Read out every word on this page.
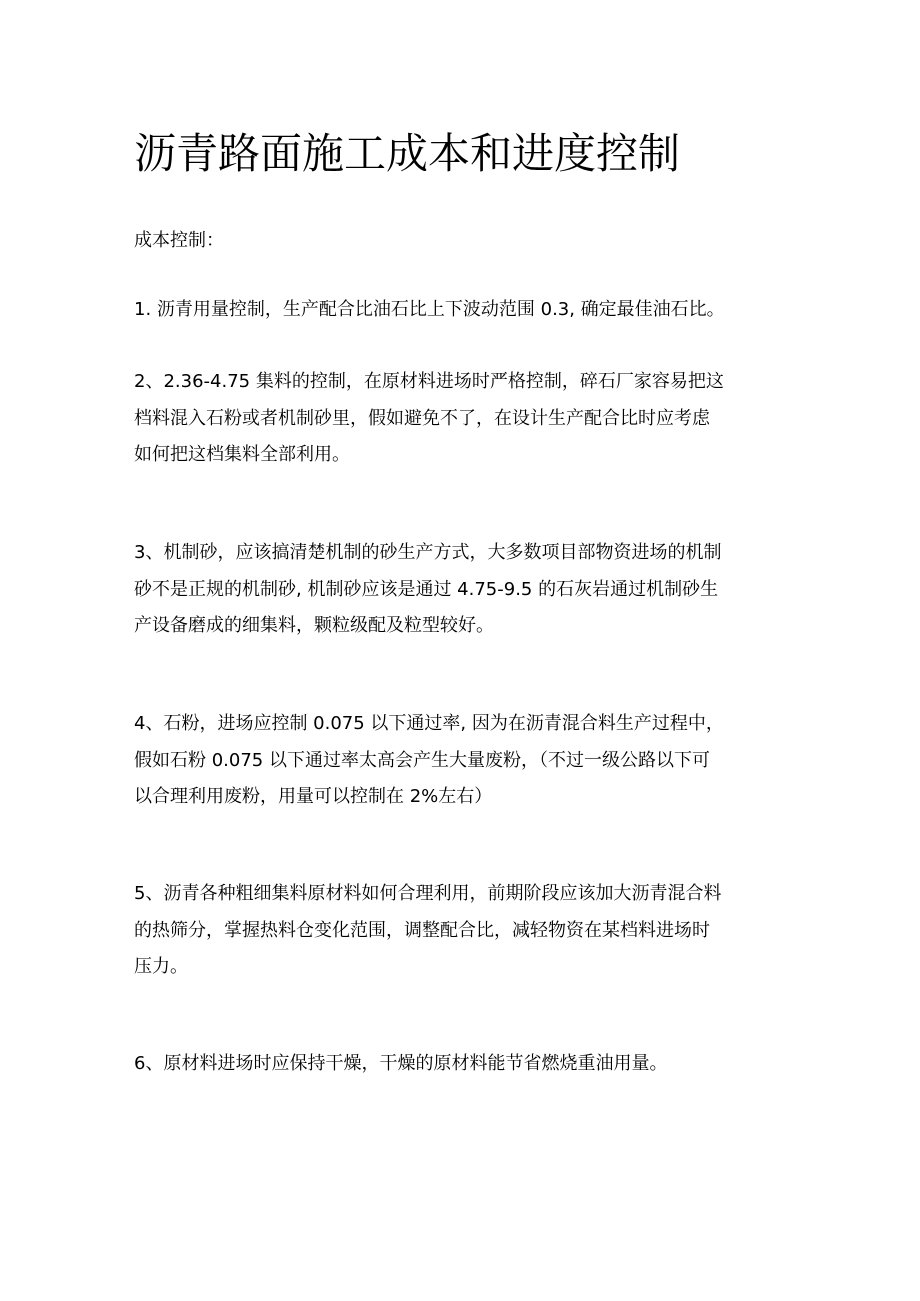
沥青路面施工成本和进度控制

成本控制：

1. 沥青用量控制，生产配合比油石比上下波动范围 0.3, 确定最佳油石比。

2、2.36-4.75 集料的控制，在原材料进场时严格控制，碎石厂家容易把这
档料混入石粉或者机制砂里，假如避免不了，在设计生产配合比时应考虑
如何把这档集料全部利用。

3、机制砂，应该搞清楚机制的砂生产方式，大多数项目部物资进场的机制
砂不是正规的机制砂, 机制砂应该是通过 4.75-9.5 的石灰岩通过机制砂生
产设备磨成的细集料，颗粒级配及粒型较好。

4、石粉，进场应控制 0.075 以下通过率, 因为在沥青混合料生产过程中，
假如石粉 0.075 以下通过率太高会产生大量废粉，（不过一级公路以下可
以合理利用废粉，用量可以控制在 2%左右）

5、沥青各种粗细集料原材料如何合理利用，前期阶段应该加大沥青混合料
的热筛分，掌握热料仓变化范围，调整配合比，减轻物资在某档料进场时
压力。

6、原材料进场时应保持干燥，干燥的原材料能节省燃烧重油用量。
